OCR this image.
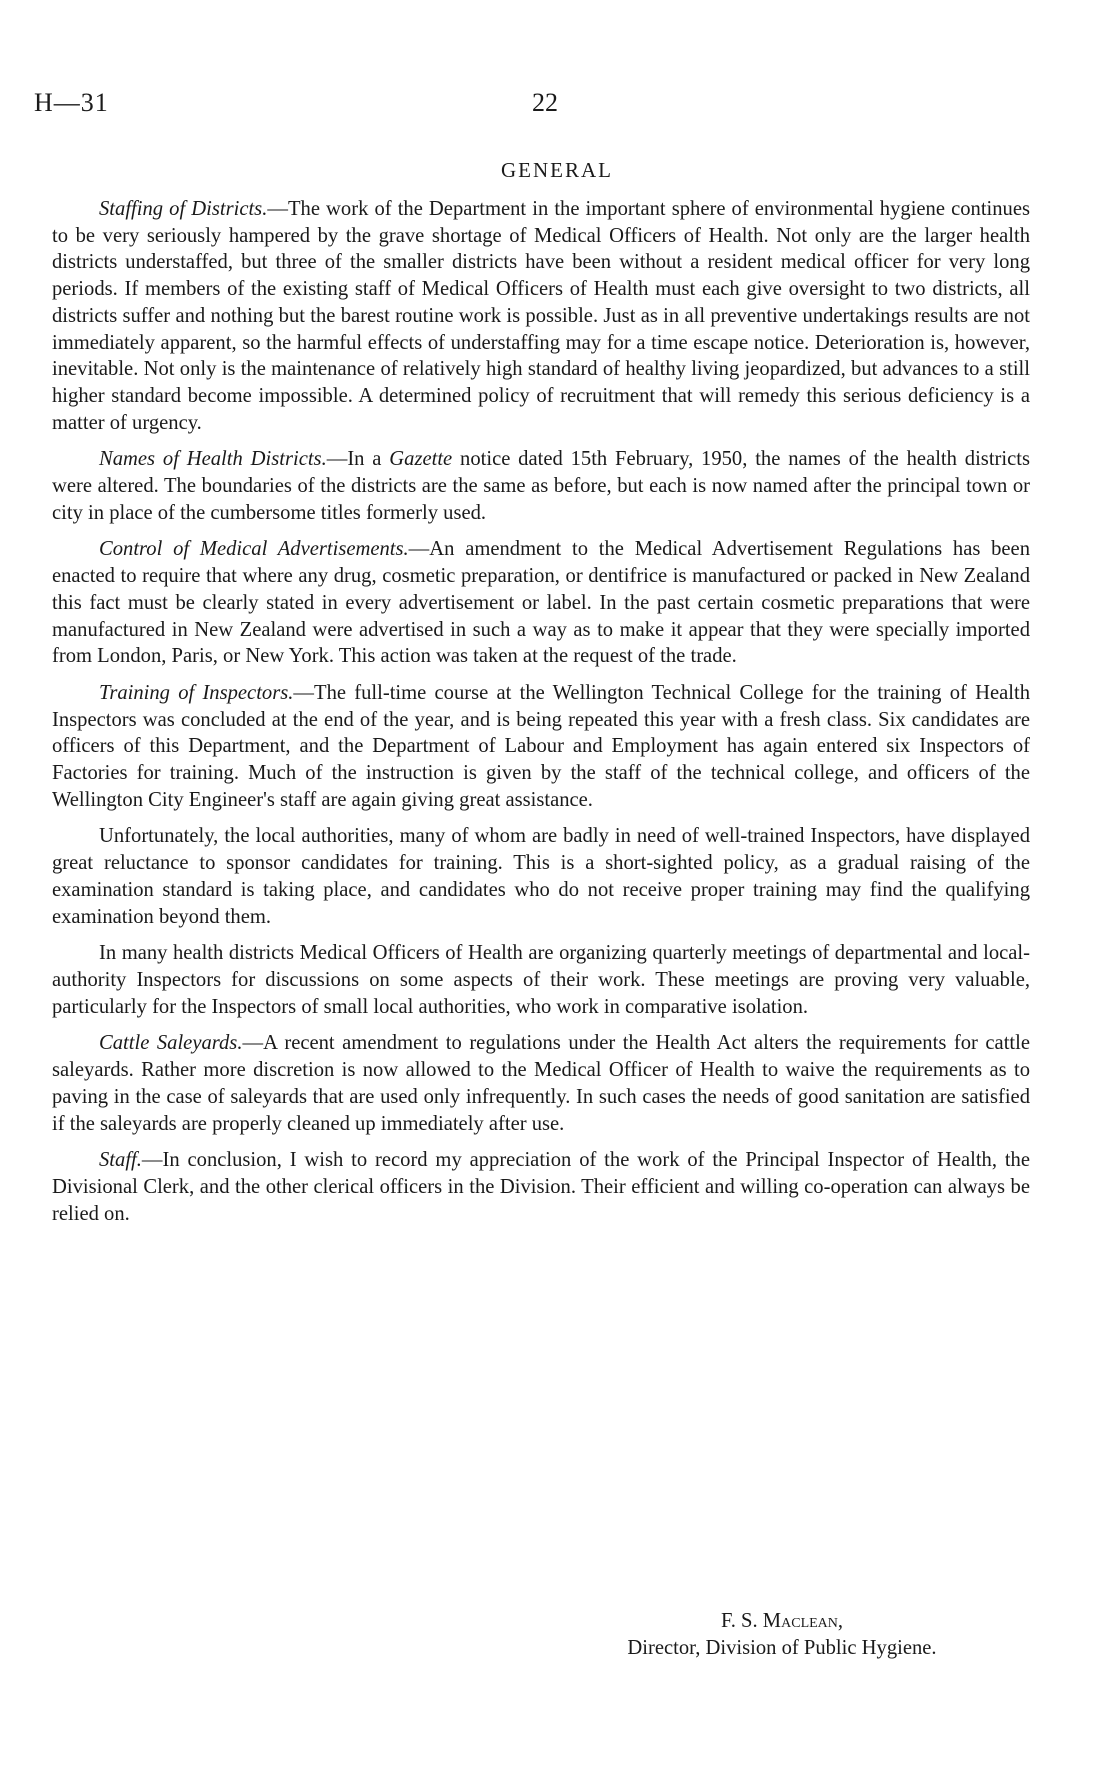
H—31	22
GENERAL

Staffing of Districts.—The work of the Department in the important sphere of environmental hygiene continues to be very seriously hampered by the grave shortage of Medical Officers of Health. Not only are the larger health districts understaffed, but three of the smaller districts have been without a resident medical officer for very long periods. If members of the existing staff of Medical Officers of Health must each give oversight to two districts, all districts suffer and nothing but the barest routine work is possible. Just as in all preventive undertakings results are not immediately apparent, so the harmful effects of understaffing may for a time escape notice. Deterioration is, however, inevitable. Not only is the maintenance of relatively high standard of healthy living jeopardized, but advances to a still higher standard become impossible. A determined policy of recruitment that will remedy this serious deficiency is a matter of urgency.

Names of Health Districts.—In a Gazette notice dated 15th February, 1950, the names of the health districts were altered. The boundaries of the districts are the same as before, but each is now named after the principal town or city in place of the cumbersome titles formerly used.

Control of Medical Advertisements.—An amendment to the Medical Advertisement Regulations has been enacted to require that where any drug, cosmetic preparation, or dentifrice is manufactured or packed in New Zealand this fact must be clearly stated in every advertisement or label. In the past certain cosmetic preparations that were manufactured in New Zealand were advertised in such a way as to make it appear that they were specially imported from London, Paris, or New York. This action was taken at the request of the trade.

Training of Inspectors.—The full-time course at the Wellington Technical College for the training of Health Inspectors was concluded at the end of the year, and is being repeated this year with a fresh class. Six candidates are officers of this Department, and the Department of Labour and Employment has again entered six Inspectors of Factories for training. Much of the instruction is given by the staff of the technical college, and officers of the Wellington City Engineer's staff are again giving great assistance.

Unfortunately, the local authorities, many of whom are badly in need of well-trained Inspectors, have displayed great reluctance to sponsor candidates for training. This is a short-sighted policy, as a gradual raising of the examination standard is taking place, and candidates who do not receive proper training may find the qualifying examination beyond them.

In many health districts Medical Officers of Health are organizing quarterly meetings of departmental and local-authority Inspectors for discussions on some aspects of their work. These meetings are proving very valuable, particularly for the Inspectors of small local authorities, who work in comparative isolation.

Cattle Saleyards.—A recent amendment to regulations under the Health Act alters the requirements for cattle saleyards. Rather more discretion is now allowed to the Medical Officer of Health to waive the requirements as to paving in the case of saleyards that are used only infrequently. In such cases the needs of good sanitation are satisfied if the saleyards are properly cleaned up immediately after use.

Staff.—In conclusion, I wish to record my appreciation of the work of the Principal Inspector of Health, the Divisional Clerk, and the other clerical officers in the Division. Their efficient and willing co-operation can always be relied on.

F. S. Maclean,
Director, Division of Public Hygiene.
